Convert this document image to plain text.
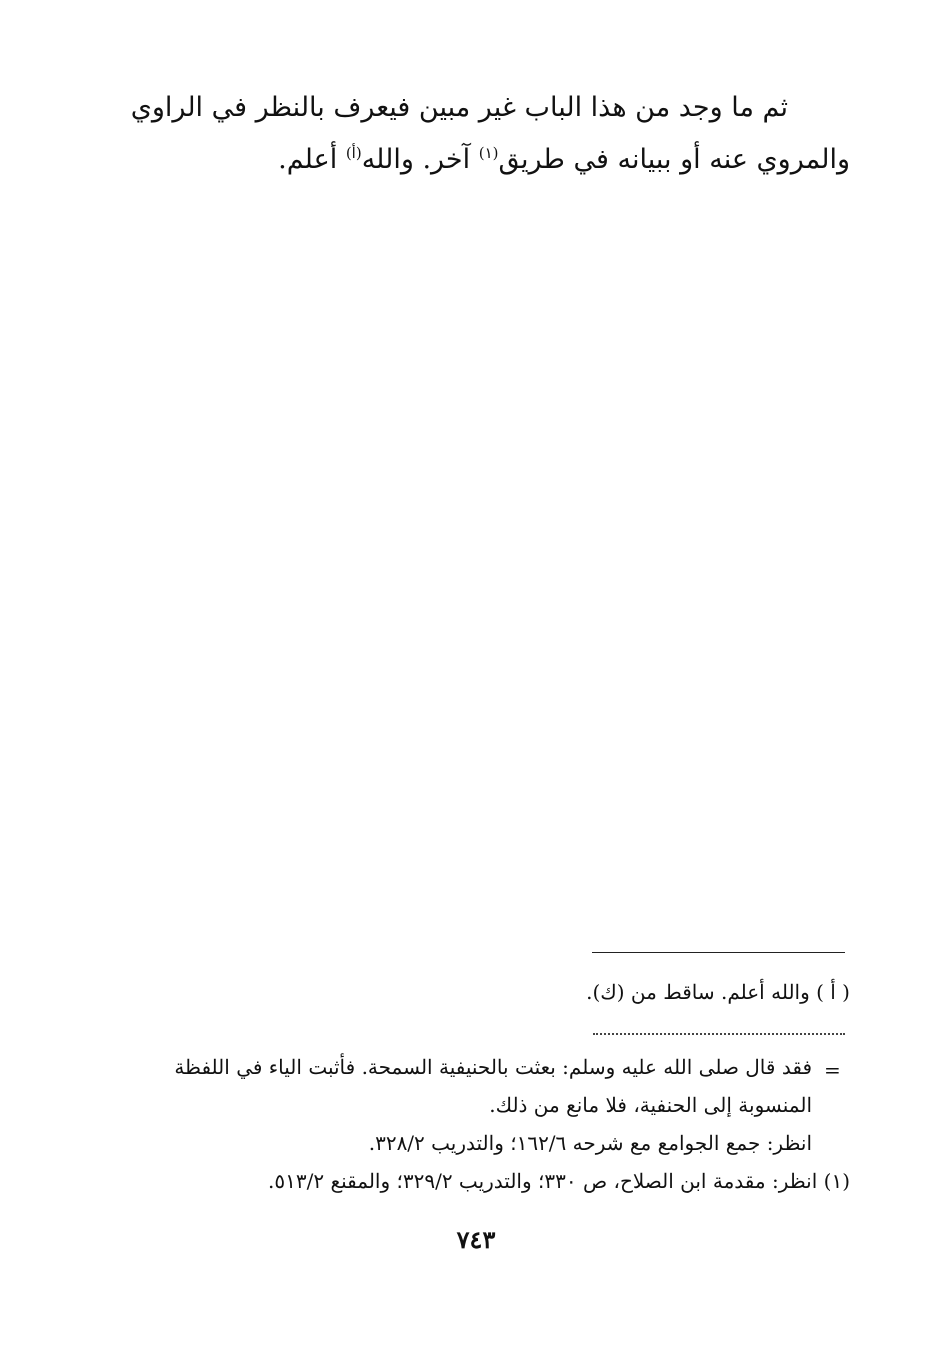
ثم ما وجد من هذا الباب غير مبين فيعرف بالنظر في الراوي
والمروي عنه أو ببيانه في طريق$^{(١)}$ آخر. والله$^{(أ)}$ أعلم.
( أ ) والله أعلم. ساقط من (ك).
=
فقد قال صلى الله عليه وسلم: بعثت بالحنيفية السمحة. فأثبت الياء في اللفظة
المنسوبة إلى الحنفية، فلا مانع من ذلك.
انظر: جمع الجوامع مع شرحه ١٦٢/٦؛ والتدريب ٣٢٨/٢.
(١) انظر: مقدمة ابن الصلاح، ص ٣٣٠؛ والتدريب ٣٢٩/٢؛ والمقنع ٥١٣/٢.
٧٤٣
